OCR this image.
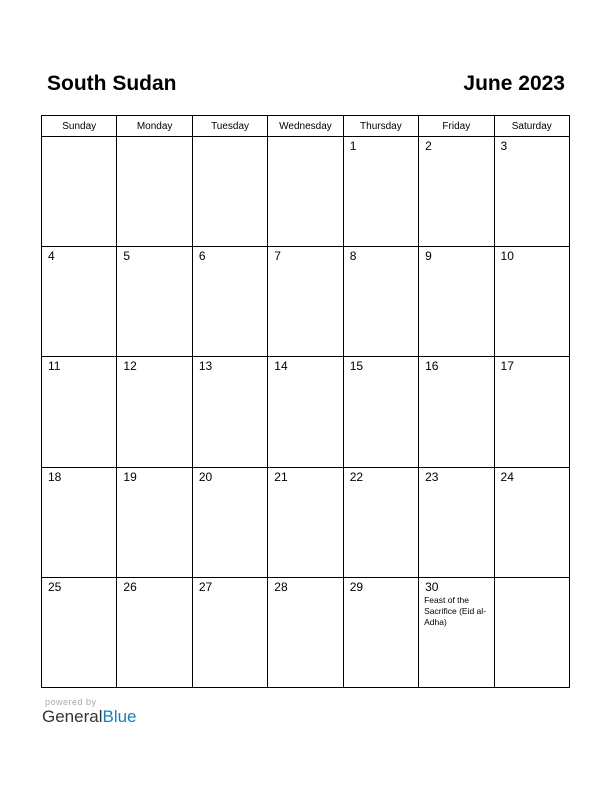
South Sudan	June 2023
Sunday	Monday	Tuesday	Wednesday	Thursday	Friday	Saturday

				1	2	3

4	5	6	7	8	9	10

11	12	13	14	15	16	17

18	19	20	21	22	23	24

25	26	27	28	29	30
Feast of the Sacrifice (Eid al-Adha)	

powered by
GeneralBlue
